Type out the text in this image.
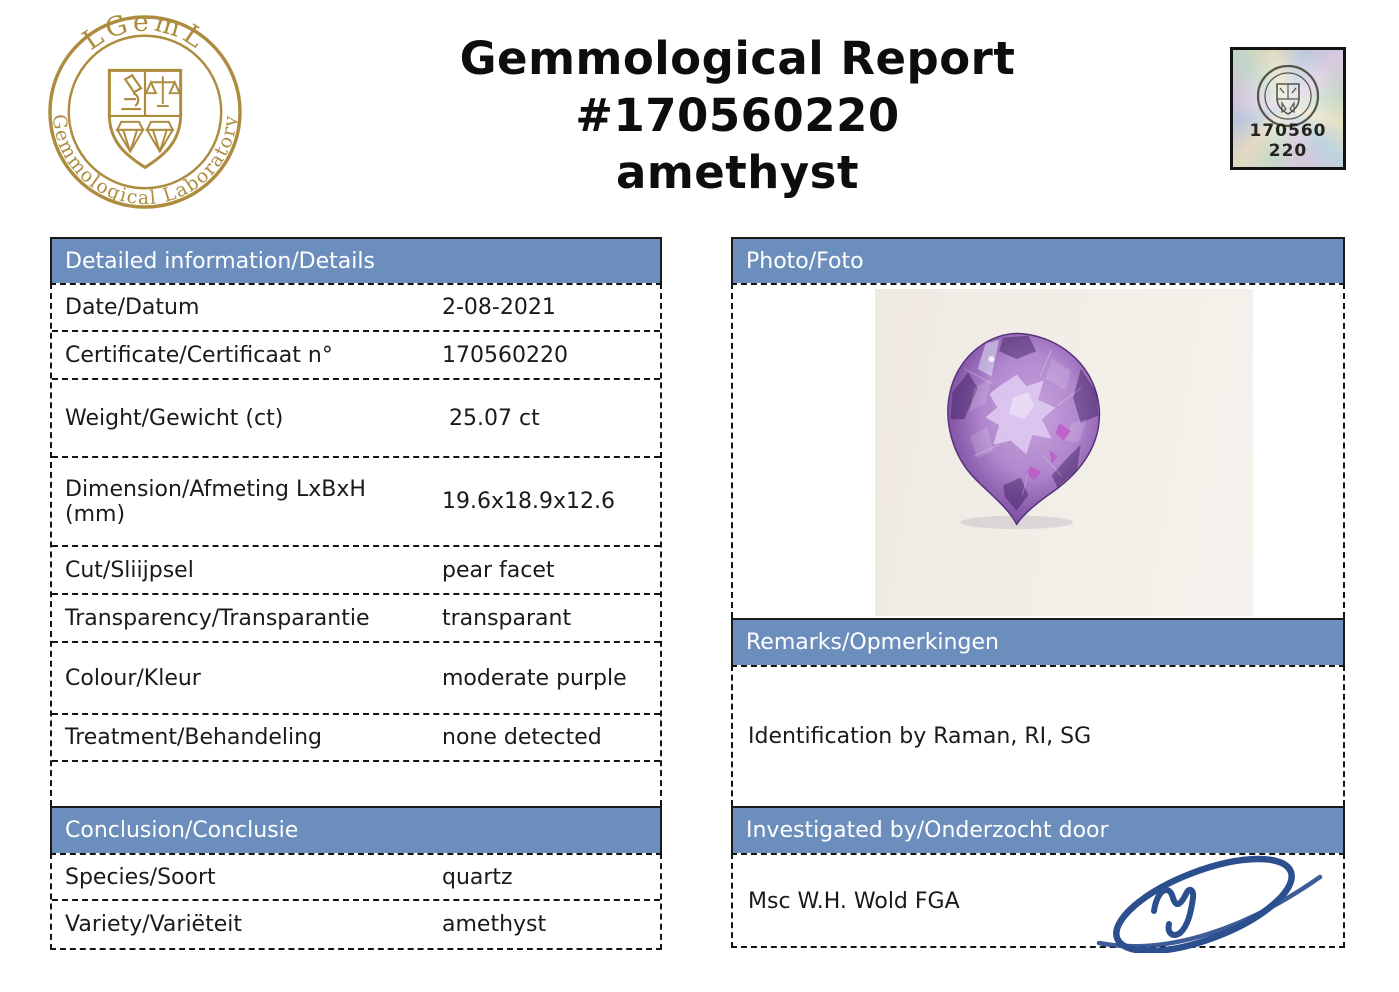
LGemL
Gemmological Laboratory
Gemmological Report
#170560220
amethyst
170560 220
Detailed information/Details
Date/Datum	2-08-2021
Certificate/Certificaat n°	170560220
Weight/Gewicht (ct)	25.07 ct
Dimension/Afmeting LxBxH (mm)	19.6x18.9x12.6
Cut/Sliijpsel	pear facet
Transparency/Transparantie	transparant
Colour/Kleur	moderate purple
Treatment/Behandeling	none detected
Conclusion/Conclusie
Species/Soort	quartz
Variety/Variëteit	amethyst
Photo/Foto
Remarks/Opmerkingen
Identification by Raman, RI, SG
Investigated by/Onderzocht door
Msc W.H. Wold FGA
